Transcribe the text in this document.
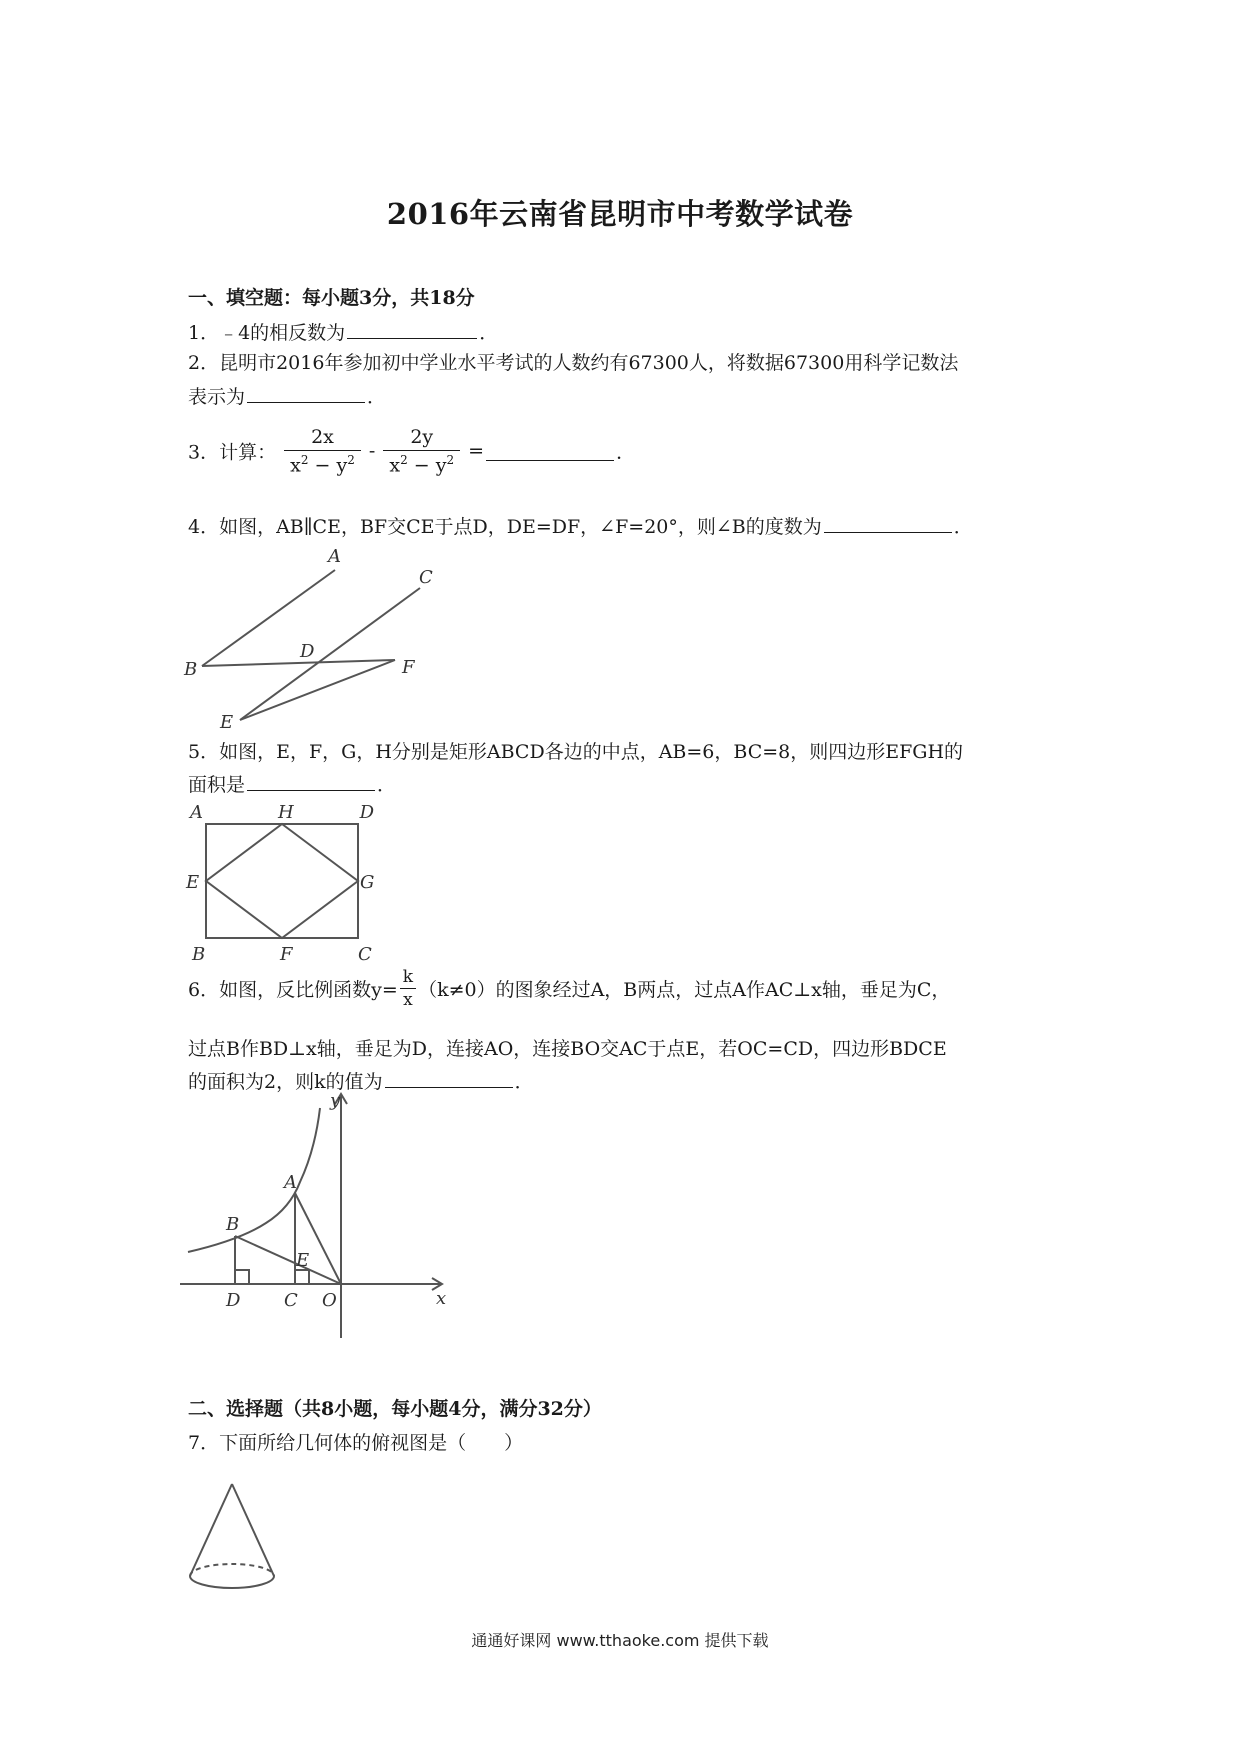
2016年云南省昆明市中考数学试卷
一、填空题：每小题3分，共18分
1．﹣4的相反数为	．
2．昆明市2016年参加初中学业水平考试的人数约有67300人，将数据67300用科学记数法
表示为	．
3．计算： $\frac{2x}{x^2 - y^2} - \frac{2y}{x^2 - y^2}$ =	．
4．如图，AB∥CE，BF交CE于点D，DE=DF，∠F=20°，则∠B的度数为	．
A
B
C
D
E
F
5．如图，E，F，G，H分别是矩形ABCD各边的中点，AB=6，BC=8，则四边形EFGH的
面积是	．
A	H	D
E	G
B	F	C
6．如图，反比例函数$y= \frac{k}{x} (k\ne 0)$的图象经过A，B两点，过点A作AC⊥x轴，垂足为C，
过点B作BD⊥x轴，垂足为D，连接AO，连接BO交AC于点E，若OC=CD，四边形BDCE
的面积为2，则k的值为	．
y
A
B
E
D C O	x
二、选择题（共8小题，每小题4分，满分32分）
7．下面所给几何体的俯视图是（　　）
通通好课网 www.tthaoke.com 提供下载
